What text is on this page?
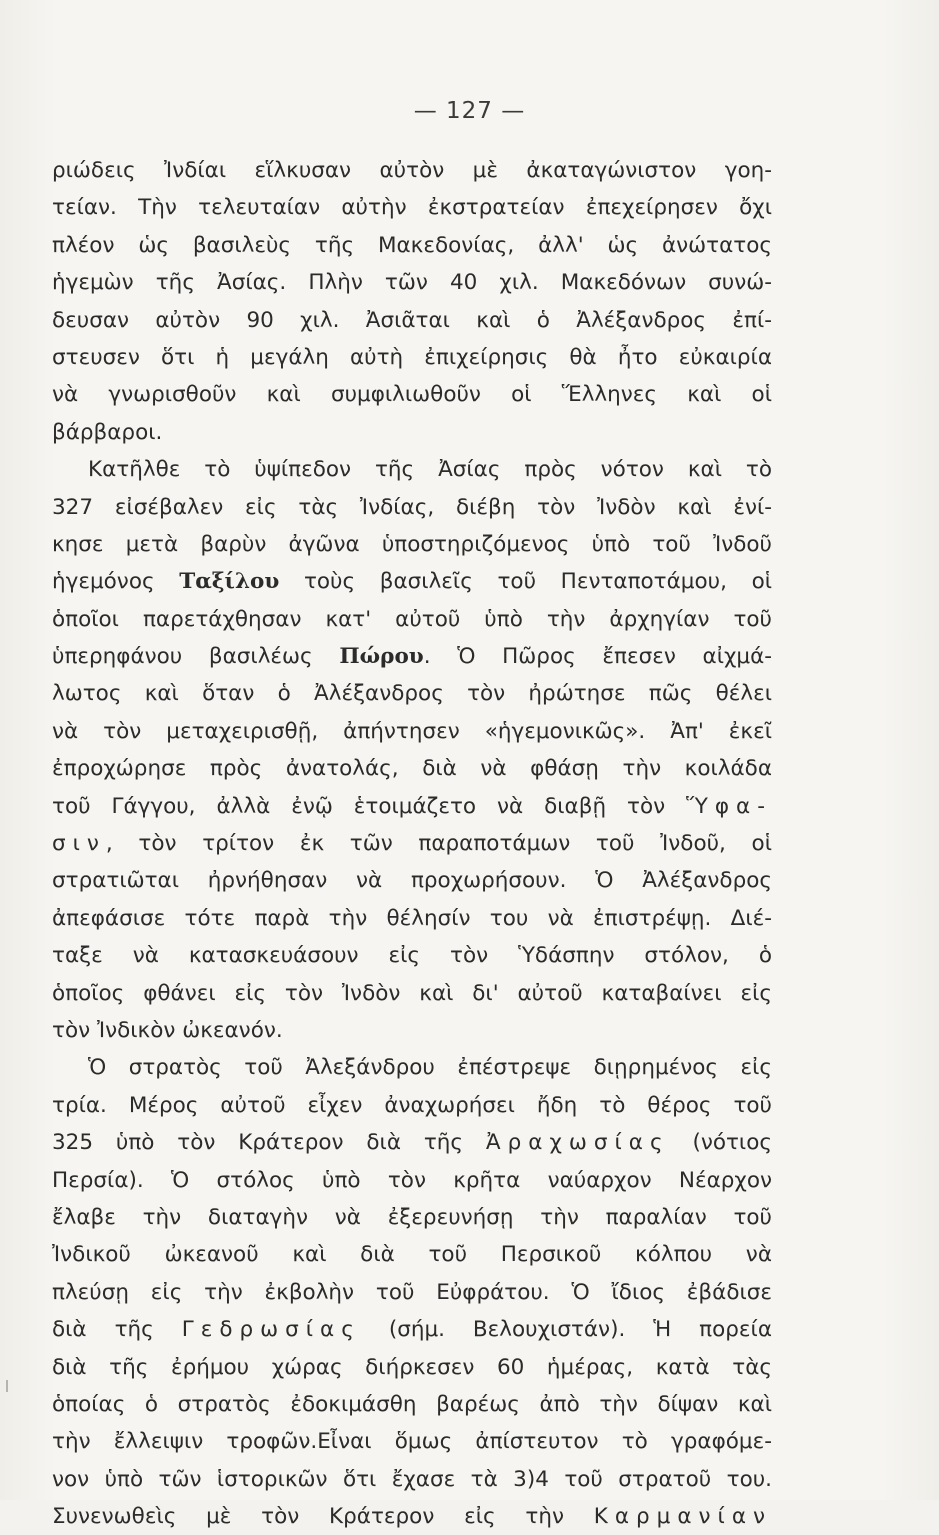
— 127 —
ριώδεις Ἰνδίαι εἵλκυσαν αὐτὸν μὲ ἀκαταγώνιστον γοη-
τείαν. Τὴν τελευταίαν αὐτὴν ἐκστρατείαν ἐπεχείρησεν ὄχι
πλέον ὡς βασιλεὺς τῆς Μακεδονίας, ἀλλ' ὡς ἀνώτατος
ἡγεμὼν τῆς Ἀσίας. Πλὴν τῶν 40 χιλ. Μακεδόνων συνώ-
δευσαν αὐτὸν 90 χιλ. Ἀσιᾶται καὶ ὁ Ἀλέξανδρος ἐπί-
στευσεν ὅτι ἡ μεγάλη αὐτὴ ἐπιχείρησις θὰ ἦτο εὐκαιρία
νὰ γνωρισθοῦν καὶ συμφιλιωθοῦν οἱ Ἕλληνες καὶ οἱ
βάρβαροι.
Κατῆλθε τὸ ὑψίπεδον τῆς Ἀσίας πρὸς νότον καὶ τὸ
327 εἰσέβαλεν εἰς τὰς Ἰνδίας, διέβη τὸν Ἰνδὸν καὶ ἐνί-
κησε μετὰ βαρὺν ἀγῶνα ὑποστηριζόμενος ὑπὸ τοῦ Ἰνδοῦ
ἡγεμόνος Ταξίλου τοὺς βασιλεῖς τοῦ Πενταποτάμου, οἱ
ὁποῖοι παρετάχθησαν κατ' αὐτοῦ ὑπὸ τὴν ἀρχηγίαν τοῦ
ὑπερηφάνου βασιλέως Πώρου. Ὁ Πῶρος ἔπεσεν αἰχμά-
λωτος καὶ ὅταν ὁ Ἀλέξανδρος τὸν ἠρώτησε πῶς θέλει
νὰ τὸν μεταχειρισθῇ, ἀπήντησεν «ἡγεμονικῶς». Ἀπ' ἐκεῖ
ἐπροχώρησε πρὸς ἀνατολάς, διὰ νὰ φθάσῃ τὴν κοιλάδα
τοῦ Γάγγου, ἀλλὰ ἐνῷ ἑτοιμάζετο νὰ διαβῇ τὸν Ὕφα-
σιν, τὸν τρίτον ἐκ τῶν παραποτάμων τοῦ Ἰνδοῦ, οἱ
στρατιῶται ἠρνήθησαν νὰ προχωρήσουν. Ὁ Ἀλέξανδρος
ἀπεφάσισε τότε παρὰ τὴν θέλησίν του νὰ ἐπιστρέψῃ. Διέ-
ταξε νὰ κατασκευάσουν εἰς τὸν Ὑδάσπην στόλον, ὁ
ὁποῖος φθάνει εἰς τὸν Ἰνδὸν καὶ δι' αὐτοῦ καταβαίνει εἰς
τὸν Ἰνδικὸν ὠκεανόν.
Ὁ στρατὸς τοῦ Ἀλεξάνδρου ἐπέστρεψε διῃρημένος εἰς
τρία. Μέρος αὐτοῦ εἶχεν ἀναχωρήσει ἤδη τὸ θέρος τοῦ
325 ὑπὸ τὸν Κράτερον διὰ τῆς Ἀραχωσίας (νότιος
Περσία). Ὁ στόλος ὑπὸ τὸν κρῆτα ναύαρχον Νέαρχον
ἔλαβε τὴν διαταγὴν νὰ ἐξερευνήσῃ τὴν παραλίαν τοῦ
Ἰνδικοῦ ὠκεανοῦ καὶ διὰ τοῦ Περσικοῦ κόλπου νὰ
πλεύσῃ εἰς τὴν ἐκβολὴν τοῦ Εὐφράτου. Ὁ ἴδιος ἐβάδισε
διὰ τῆς Γεδρωσίας (σήμ. Βελουχιστάν). Ἡ πορεία
διὰ τῆς ἐρήμου χώρας διήρκεσεν 60 ἡμέρας, κατὰ τὰς
ὁποίας ὁ στρατὸς ἐδοκιμάσθη βαρέως ἀπὸ τὴν δίψαν καὶ
τὴν ἔλλειψιν τροφῶν.Εἶναι ὅμως ἀπίστευτον τὸ γραφόμε-
νον ὑπὸ τῶν ἱστορικῶν ὅτι ἔχασε τὰ 3)4 τοῦ στρατοῦ του.
Συνενωθεὶς μὲ τὸν Κράτερον εἰς τὴν Καρμανίαν
